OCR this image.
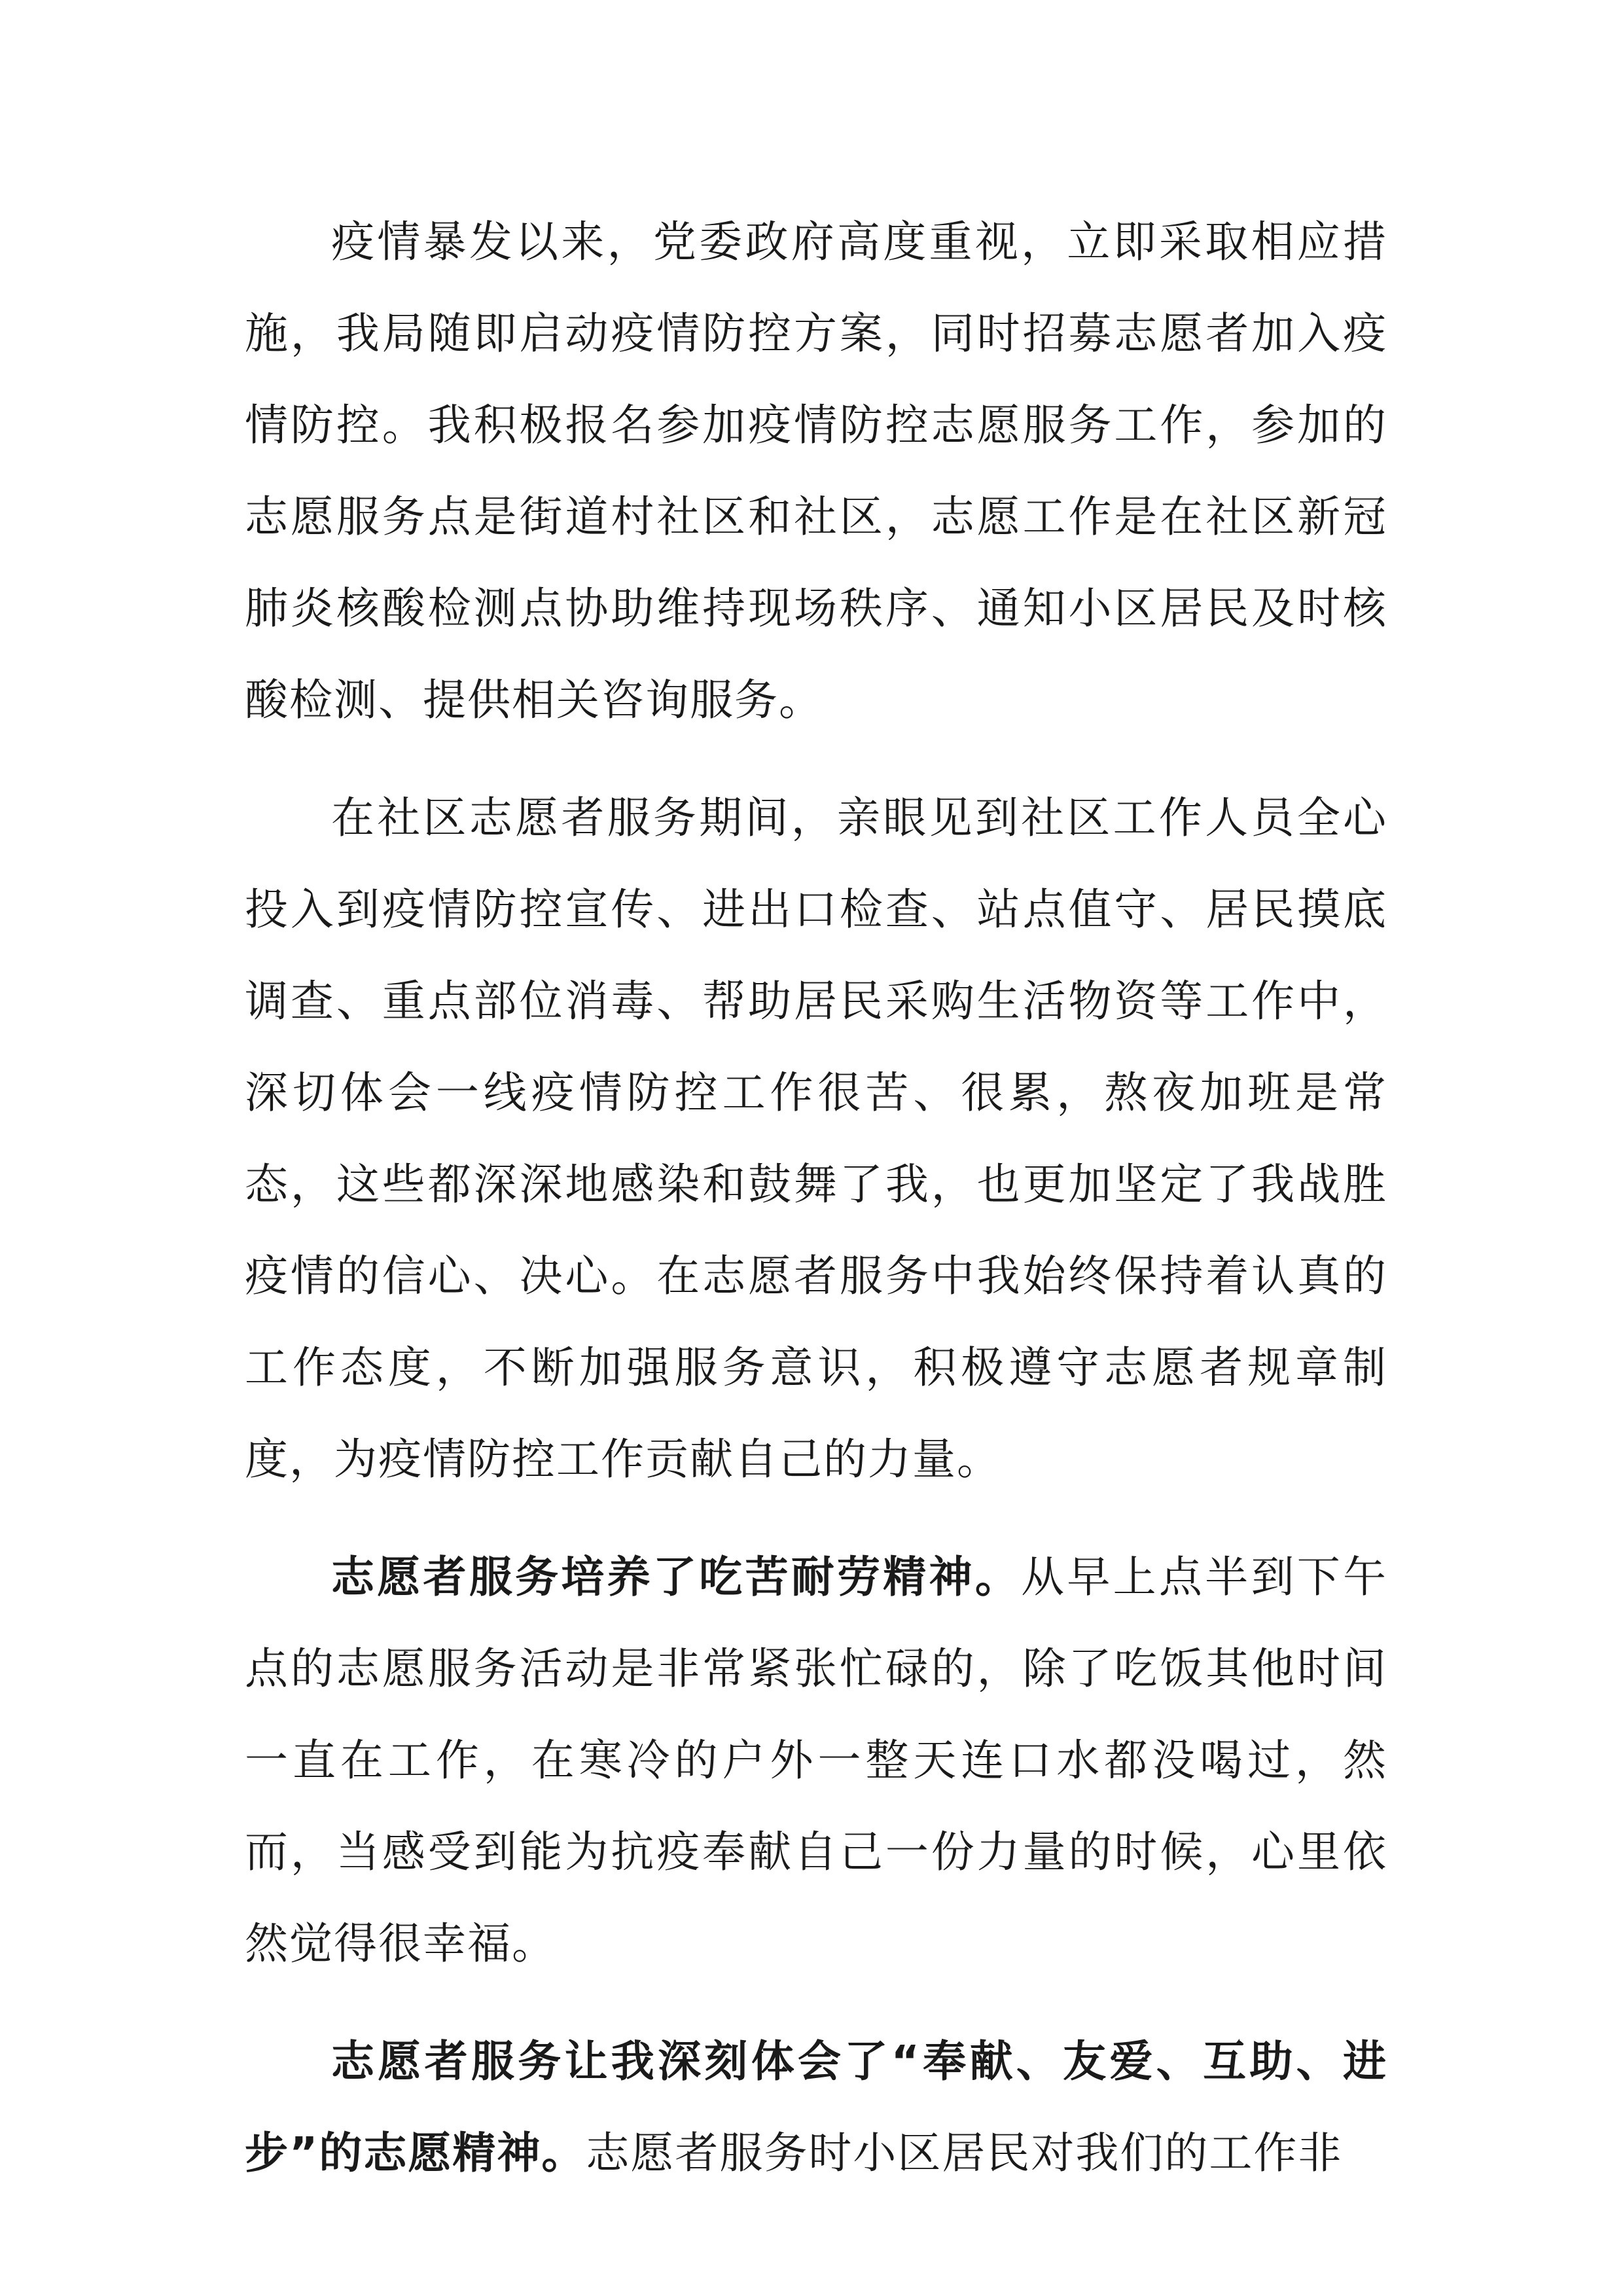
疫情暴发以来，党委政府高度重视，立即采取相应措施，我局随即启动疫情防控方案，同时招募志愿者加入疫情防控。我积极报名参加疫情防控志愿服务工作，参加的志愿服务点是街道村社区和社区，志愿工作是在社区新冠肺炎核酸检测点协助维持现场秩序、通知小区居民及时核酸检测、提供相关咨询服务。

在社区志愿者服务期间，亲眼见到社区工作人员全心投入到疫情防控宣传、进出口检查、站点值守、居民摸底调查、重点部位消毒、帮助居民采购生活物资等工作中，深切体会一线疫情防控工作很苦、很累，熬夜加班是常态，这些都深深地感染和鼓舞了我，也更加坚定了我战胜疫情的信心、决心。在志愿者服务中我始终保持着认真的工作态度，不断加强服务意识，积极遵守志愿者规章制度，为疫情防控工作贡献自己的力量。

志愿者服务培养了吃苦耐劳精神。从早上点半到下午点的志愿服务活动是非常紧张忙碌的，除了吃饭其他时间一直在工作，在寒冷的户外一整天连口水都没喝过，然而，当感受到能为抗疫奉献自己一份力量的时候，心里依然觉得很幸福。

志愿者服务让我深刻体会了“奉献、友爱、互助、进步”的志愿精神。志愿者服务时小区居民对我们的工作非
